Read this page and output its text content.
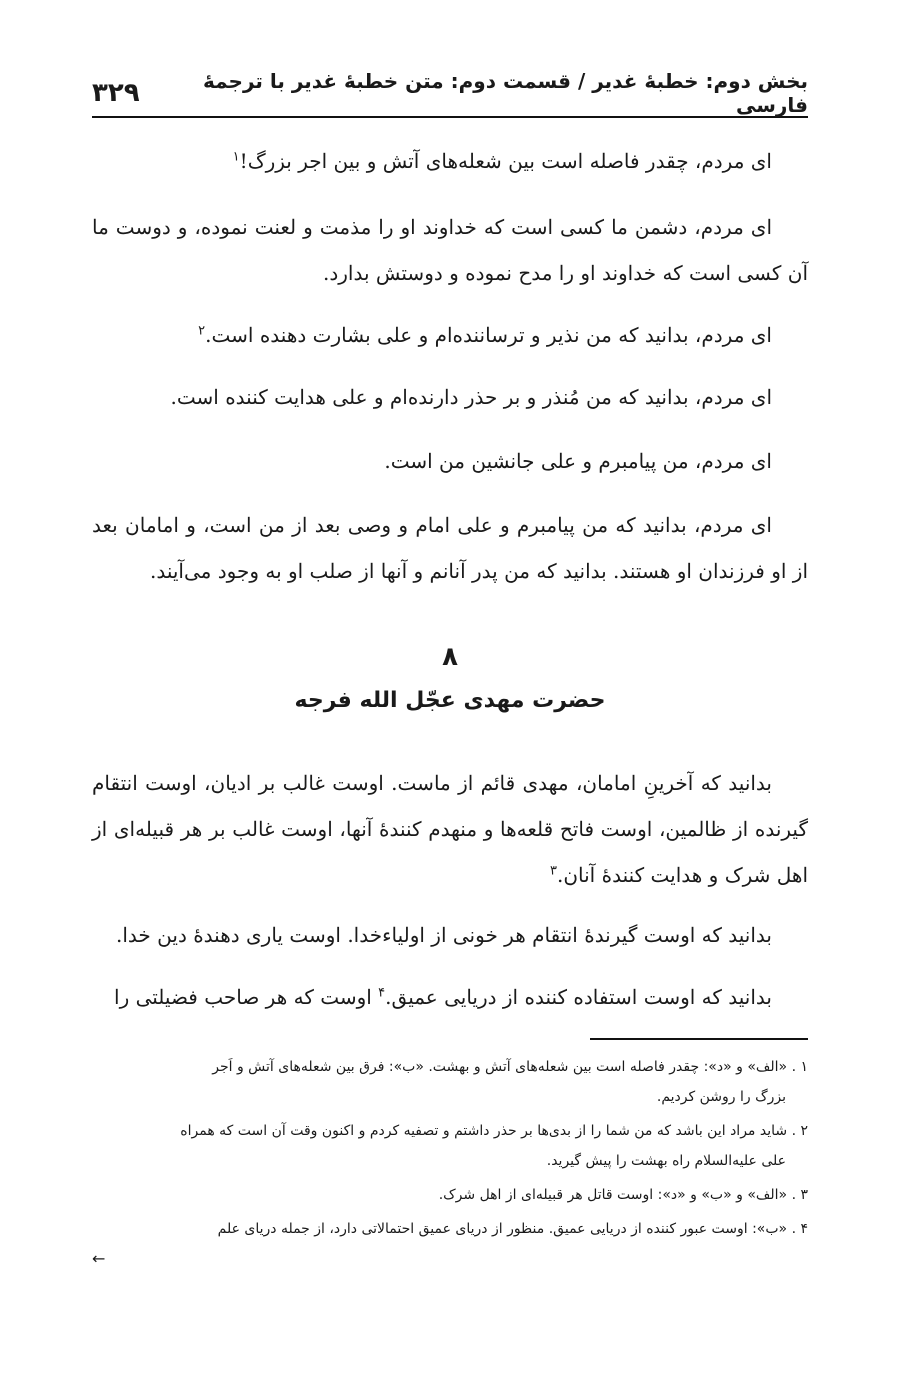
بخش دوم: خطبهٔ غدیر / قسمت دوم: متن خطبهٔ غدیر با ترجمهٔ فارسی
۳۲۹

ای مردم، چقدر فاصله است بین شعله‌های آتش و بین اجر بزرگ!$^۱$

ای مردم، دشمن ما کسی است که خداوند او را مذمت و لعنت نموده، و دوست ما آن کسی است که خداوند او را مدح نموده و دوستش بدارد.

ای مردم، بدانید که من نذیر و ترساننده‌ام و علی بشارت دهنده است.$^۲$

ای مردم، بدانید که من مُنذر و بر حذر دارنده‌ام و علی هدایت کننده است.

ای مردم، من پیامبرم و علی جانشین من است.

ای مردم، بدانید که من پیامبرم و علی امام و وصی بعد از من است، و امامان بعد از او فرزندان او هستند. بدانید که من پدر آنانم و آنها از صلب او به وجود می‌آیند.

۸
حضرت مهدی عجّل الله فرجه

بدانید که آخرینِ امامان، مهدی قائم از ماست. اوست غالب بر ادیان، اوست انتقام گیرنده از ظالمین، اوست فاتح قلعه‌ها و منهدم کنندهٔ آنها، اوست غالب بر هر قبیله‌ای از اهل شرک و هدایت کنندهٔ آنان.$^۳$

بدانید که اوست گیرندهٔ انتقام هر خونی از اولیاءخدا. اوست یاری دهندهٔ دین خدا.

بدانید که اوست استفاده کننده از دریایی عمیق.$^۴$ اوست که هر صاحب فضیلتی را

۱ . «الف» و «د»: چقدر فاصله است بین شعله‌های آتش و بهشت. «ب»: فرق بین شعله‌های آتش و اَجر
بزرگ را روشن کردیم.
۲ . شاید مراد این باشد که من شما را از بدی‌ها بر حذر داشتم و تصفیه کردم و اکنون وقت آن است که همراه
علی علیه‌السلام راه بهشت را پیش گیرید.
۳ . «الف» و «ب» و «د»: اوست قاتل هر قبیله‌ای از اهل شرک.
۴ . «ب»: اوست عبور کننده از دریایی عمیق. منظور از دریای عمیق احتمالاتی دارد، از جمله دریای علم
←
